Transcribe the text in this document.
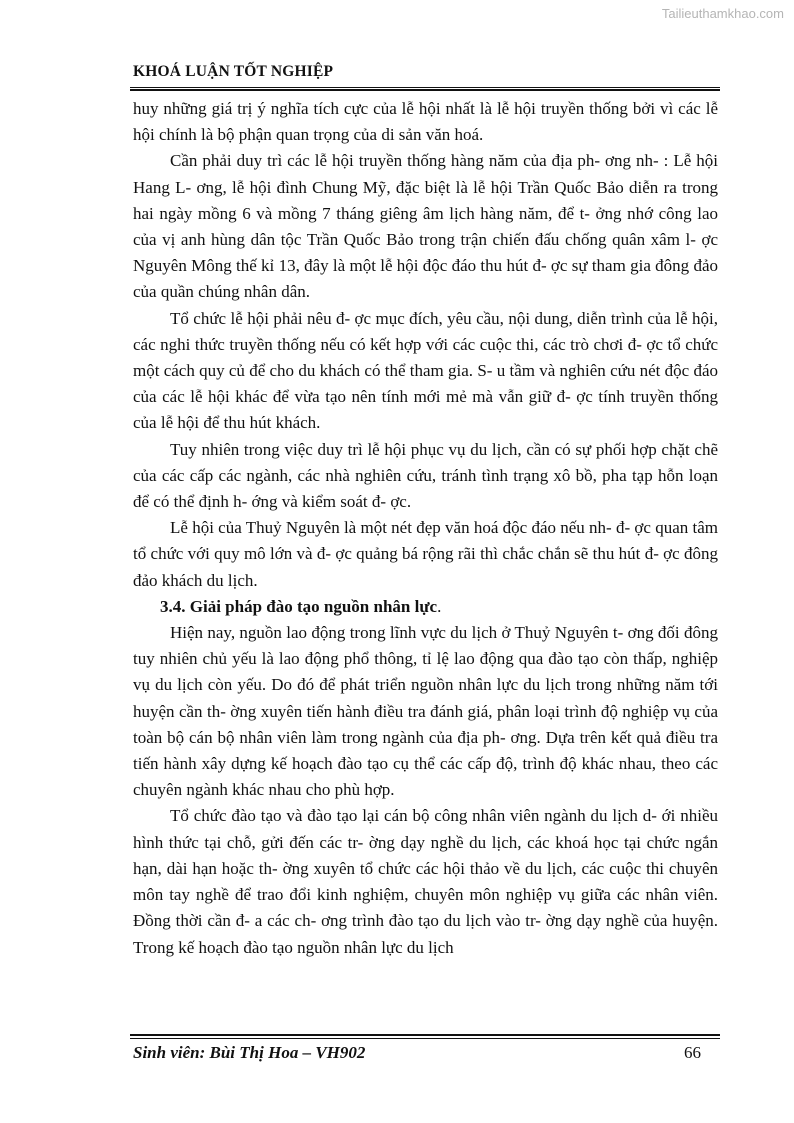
Tailieuthamkhao.com
KHOÁ LUẬN TỐT NGHIỆP

huy những giá trị ý nghĩa tích cực của lễ hội nhất là lễ hội truyền thống bởi vì các lễ hội chính là bộ phận quan trọng của di sản văn hoá.

Cần phải duy trì các lễ hội truyền thống hàng năm của địa ph- ơng nh- : Lễ hội Hang L- ơng, lễ hội đình Chung Mỹ, đặc biệt là lễ hội Trần Quốc Bảo diễn ra trong hai ngày mồng 6 và mồng 7 tháng giêng âm lịch hàng năm, để t- ởng nhớ công lao của vị anh hùng dân tộc Trần Quốc Bảo trong trận chiến đấu chống quân xâm l- ợc Nguyên Mông thế kỉ 13, đây là một lễ hội độc đáo thu hút đ- ợc sự tham gia đông đảo của quần chúng nhân dân.

Tổ chức lễ hội phải nêu đ- ợc mục đích, yêu cầu, nội dung, diễn trình của lễ hội, các nghi thức truyền thống nếu có kết hợp với các cuộc thi, các trò chơi đ- ợc tổ chức một cách quy củ để cho du khách có thể tham gia. S- u tầm và nghiên cứu nét độc đáo của các lễ hội khác để vừa tạo nên tính mới mẻ mà vẫn giữ đ- ợc tính truyền thống của lễ hội để thu hút khách.

Tuy nhiên trong việc duy trì lễ hội phục vụ du lịch, cần có sự phối hợp chặt chẽ của các cấp các ngành, các nhà nghiên cứu, tránh tình trạng xô bồ, pha tạp hỗn loạn để có thể định h- ớng và kiểm soát đ- ợc.

Lễ hội của Thuỷ Nguyên là một nét đẹp văn hoá độc đáo nếu nh- đ- ợc quan tâm tổ chức với quy mô lớn và đ- ợc quảng bá rộng rãi thì chắc chắn sẽ thu hút đ- ợc đông đảo khách du lịch.

3.4. Giải pháp đào tạo nguồn nhân lực.

Hiện nay, nguồn lao động trong lĩnh vực du lịch ở Thuỷ Nguyên t- ơng đối đông tuy nhiên chủ yếu là lao động phổ thông, tỉ lệ lao động qua đào tạo còn thấp, nghiệp vụ du lịch còn yếu. Do đó để phát triển nguồn nhân lực du lịch trong những năm tới huyện cần th- ờng xuyên tiến hành điều tra đánh giá, phân loại trình độ nghiệp vụ của toàn bộ cán bộ nhân viên làm trong ngành của địa ph- ơng. Dựa trên kết quả điều tra tiến hành xây dựng kế hoạch đào tạo cụ thể các cấp độ, trình độ khác nhau, theo các chuyên ngành khác nhau cho phù hợp.

Tổ chức đào tạo và đào tạo lại cán bộ công nhân viên ngành du lịch d- ới nhiều hình thức tại chỗ, gửi đến các tr- ờng dạy nghề du lịch, các khoá học tại chức ngắn hạn, dài hạn hoặc th- ờng xuyên tổ chức các hội thảo về du lịch, các cuộc thi chuyên môn tay nghề để trao đổi kinh nghiệm, chuyên môn nghiệp vụ giữa các nhân viên. Đồng thời cần đ- a các ch- ơng trình đào tạo du lịch vào tr- ờng dạy nghề của huyện. Trong kế hoạch đào tạo nguồn nhân lực du lịch

Sinh viên: Bùi Thị Hoa – VH902	66
